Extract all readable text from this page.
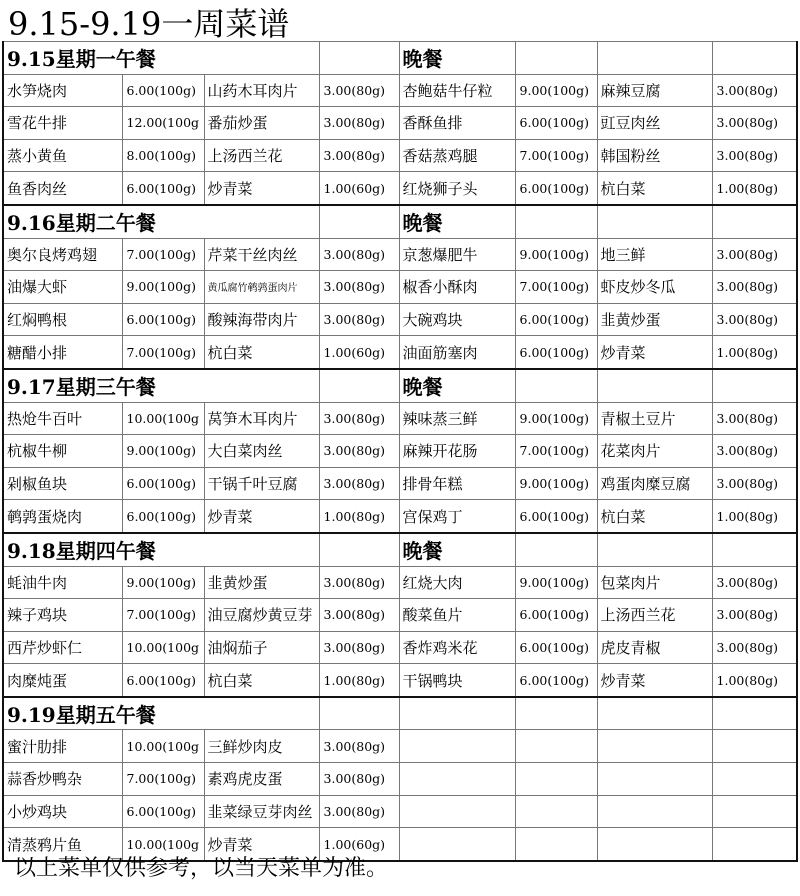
9.15-9.19一周菜谱
9.15星期一午餐				晚餐			
水笋烧肉	6.00(100g)	山药木耳肉片	3.00(80g)	杏鲍菇牛仔粒	9.00(100g)	麻辣豆腐	3.00(80g)
雪花牛排	12.00(100g	番茄炒蛋	3.00(80g)	香酥鱼排	6.00(100g)	豇豆肉丝	3.00(80g)
蒸小黄鱼	8.00(100g)	上汤西兰花	3.00(80g)	香菇蒸鸡腿	7.00(100g)	韩国粉丝	3.00(80g)
鱼香肉丝	6.00(100g)	炒青菜	1.00(60g)	红烧狮子头	6.00(100g)	杭白菜	1.00(80g)
9.16星期二午餐				晚餐			
奥尔良烤鸡翅	7.00(100g)	芹菜干丝肉丝	3.00(80g)	京葱爆肥牛	9.00(100g)	地三鲜	3.00(80g)
油爆大虾	9.00(100g)	黄瓜腐竹鹌鹑蛋肉片	3.00(80g)	椒香小酥肉	7.00(100g)	虾皮炒冬瓜	3.00(80g)
红焖鸭根	6.00(100g)	酸辣海带肉片	3.00(80g)	大碗鸡块	6.00(100g)	韭黄炒蛋	3.00(80g)
糖醋小排	7.00(100g)	杭白菜	1.00(60g)	油面筋塞肉	6.00(100g)	炒青菜	1.00(80g)
9.17星期三午餐				晚餐			
热炝牛百叶	10.00(100g	莴笋木耳肉片	3.00(80g)	辣味蒸三鲜	9.00(100g)	青椒土豆片	3.00(80g)
杭椒牛柳	9.00(100g)	大白菜肉丝	3.00(80g)	麻辣开花肠	7.00(100g)	花菜肉片	3.00(80g)
剁椒鱼块	6.00(100g)	干锅千叶豆腐	3.00(80g)	排骨年糕	9.00(100g)	鸡蛋肉糜豆腐	3.00(80g)
鹌鹑蛋烧肉	6.00(100g)	炒青菜	1.00(80g)	宫保鸡丁	6.00(100g)	杭白菜	1.00(80g)
9.18星期四午餐				晚餐			
蚝油牛肉	9.00(100g)	韭黄炒蛋	3.00(80g)	红烧大肉	9.00(100g)	包菜肉片	3.00(80g)
辣子鸡块	7.00(100g)	油豆腐炒黄豆芽	3.00(80g)	酸菜鱼片	6.00(100g)	上汤西兰花	3.00(80g)
西芹炒虾仁	10.00(100g	油焖茄子	3.00(80g)	香炸鸡米花	6.00(100g)	虎皮青椒	3.00(80g)
肉糜炖蛋	6.00(100g)	杭白菜	1.00(80g)	干锅鸭块	6.00(100g)	炒青菜	1.00(80g)
9.19星期五午餐							
蜜汁肋排	10.00(100g	三鲜炒肉皮	3.00(80g)				
蒜香炒鸭杂	7.00(100g)	素鸡虎皮蛋	3.00(80g)				
小炒鸡块	6.00(100g)	韭菜绿豆芽肉丝	3.00(80g)				
清蒸鸦片鱼	10.00(100g	炒青菜	1.00(60g)				
以上菜单仅供参考，以当天菜单为准。
